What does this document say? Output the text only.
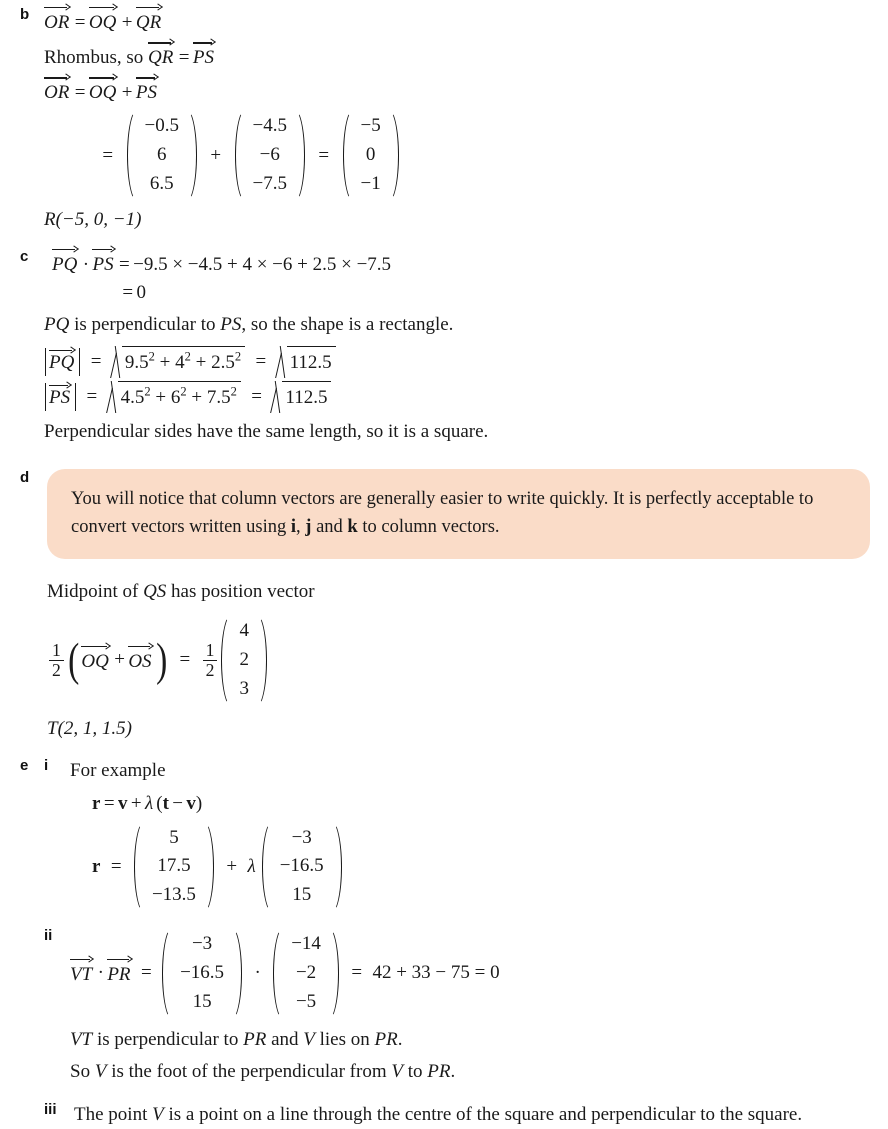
b OR = OQ + QR
Rhombus, so QR = PS
OR = OQ + PS
=
−0.5
6
6.5
+
−4.5
−6
−7.5
=
−5
0
−1
R(−5, 0, −1)
c	PQ · PS = −9.5 × −4.5 + 4 × −6 + 2.5 × −7.5
= 0
PQ is perpendicular to PS, so the shape is a rectangle.
PQ = $9.5^2 + 4^2 + 2.5^2 = 112.5$
PS = $4.5^2 + 6^2 + 7.5^2 = 112.5$
Perpendicular sides have the same length, so it is a square.
d

You will notice that column vectors are generally easier to write quickly. It is perfectly acceptable to convert vectors written using i, j and k to column vectors.

Midpoint of QS has position vector
$\frac{1}{2}$ ( OQ + OS ) = $\frac{1}{2}$
4
2
3
T(2, 1, 1.5)
e	i	For example
r = v + λ (t − v)
r =
5
17.5
−13.5
+ λ
−3
−16.5
15
ii
VT · PR =
−3
−16.5
15
·
−14
−2
−5
= 42 + 33 − 75 = 0
VT is perpendicular to PR and V lies on PR.
So V is the foot of the perpendicular from V to PR.
iii The point V is a point on a line through the centre of the square and perpendicular to the square.
